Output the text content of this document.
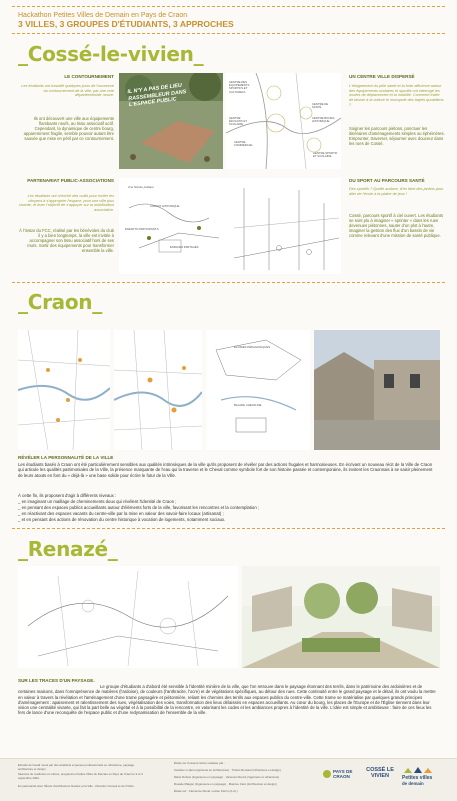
Hackathon Petites Villes de Demain en Pays de Craon
3 VILLES, 3 GROUPES D'ÉTUDIANTS, 3 APPROCHES
_Cossé-le-vivien_
LE CONTOURNEMENT
Les étudiants ont travaillé quelques jours de l'ouverture du contournement de la ville, par une voie départementale neuve.
Ils ont découvert une ville aux équipements flambants neufs, au tissu associatif actif. Cependant, la dynamique de centre bourg, apparemment fragile, semble pouvoir autant être sauvée que mise en péril par ce contournement.
IL N'Y A PAS DE LIEU RASSEMBLEUR DANS L'ESPACE PUBLIC
CENTRE DES ÉQUIPEMENTS SPORTIFS ET CULTURELS
CENTRE ÉDUCATIF ET SCOLAIRE
CENTRE BOURG HISTORIQUE
CENTRE DE SANTÉ
CENTRE COMMERCIAL
CENTRE SPORTIF ET SCOLAIRE
UN CENTRE VILLE DISPERSÉ
L'éloignement du pôle santé et la forte affluence autour des équipements scolaires et sportifs ont interrogé les modes de déplacement et la mobilité. Comment éviter de laisser à la voiture le monopole des trajets quotidiens ?
Soigner les parcours piétons, ponctuer les itinéraires d'aménagements simples ou éphémères. Emprunter, traverser, séjourner avec douceur dans les rues de Cossé.
PARTENARIAT PUBLIC-ASSOCIATIONS
Les étudiants ont cherché des outils pour inviter les citoyens à s'approprier l'espace, pour une ville plus vivante, et avec l'objectif de s'appuyer sur la mobilisation associative.
À l'instar du FCC, réalisé par les bénévoles du club il y a bien longtemps, la ville est invitée à accompagner son tissu associatif hors de ses murs. Sortir des équipements pour transformer ensemble la ville.
Une histoire pudique
CIRCUIT HISTORIQUE
ENFANTS PARTICIPANTS
ESPACES PARTAGÉS
DU SPORT AU PARCOURS SANTÉ
Des sportifs ? Quelle audace, d'en faire des jardins pour aller de l'école à la plaine de jeux !
Cossé, parcours sportif à ciel ouvert. Les étudiants se sont plu à imaginer « sprinter » dans les rues devenues piétonnes, sauter d'un plot à l'autre, imaginer la gestion des flux d'un bassin de vie comme relevant d'une mission de santé publique.
_Craon_
ÉCURIES PÉDAGOGIQUES
BALADE CHEVALINE
RÉVÉLER LA PERSONNALITÉ DE LA VILLE
Les étudiants basés à Craon ont été particulièrement sensibles aux qualités intrinsèques de la ville qu'ils proposent de révéler par des actions frugales et harmonieuses. En écrivant un nouveau récit de la Ville de Craon qui articule les qualités patrimoniales de la Ville, la présence marquante de l'eau qui la traverse et le Cheval comme symbole fort de son histoire passée et contemporaine, ils invitent les Craonnais à se saisir pleinement de leurs atouts en font du « déjà-là » une base solide pour écrire le futur de la Ville.
À cette fin, ils proposent d'agir à différents niveaux :
_ en imaginant un maillage de cheminements doux qui révèlent l'identité de Craon ;
_ en pensant des espaces publics accueillants autour d'éléments forts de la ville, favorisant les rencontres et la contemplation ;
_ en réactivant des espaces vacants du centre-ville par la mise en valeur des savoir-faire locaux (artisanat) ;
_ et en pensant des actions de rénovation du centre historique à vocation de logements, notamment sociaux.
_Renazé_
SUR LES TRACES D'UN PAYSAGE.
Le groupe d'étudiants a d'abord été sensible à l'identité minière de la ville, que l'on retrouve dans le paysage étonnant des terrils, dans le patrimoine des ardoisières et de certaines maisons, dans l'omniprésence de matières (l'ardoise), de couleurs (l'anthracite, l'ocre) et de végétations spécifiques, au détour des rues. Cette continuité entre le grand paysage et le détail, ils ont voulu la mettre en valeur à travers la révélation et l'aménagement d'une trame paysagère et piétonnière, reliant les chemins des terrils aux espaces publics du centre-ville. Cette trame se matérialise par quelques grands principes d'aménagement : apaisement et ralentissement des rues, végétalisation des voies, transformation des lieux délaissés en espaces accueillants. Au cœur du bourg, les places de l'Europe et de l'Église tiennent dans leur vision une centralité vivante, qui fait la part belle au végétal et à la possibilité de la rencontre, en valorisant les codes et les ambiances propres à l'identité de la ville. L'idée est simple et ambitieuse : faire de ces lieux les fers de lance d'une reconquête de l'espace public et d'une redynamisation de l'ensemble de la ville.
Extraits du travail mené par des étudiants et jeunes professionnels en urbanisme, paysage, architecture et design.
Séances de restitution et culture, programme Petites Villes de Demain en Pays de Craon le 3 et 4 septembre 2022.
En partenariat avec l'École d'architecture Nantes et la Ville - Direction Conseil et de l'Ordre.
Étude sur Cossé-le-Vivien réalisée par :
Caroline Li (Eco-ingénierie en Architecture) · Tristan Roussel (Urbanisme et design)
Marie Dubois (Ingénieure en paysage) · Vanessa Durant (Ingénierie et urbanisme)
Rosalie Maigret (Ingénieure en paysage) · Maxime Caré (Architecture et design)
Étude sur : Clémence Duval, Lucien Perrin (A.Ar.)
PAYS DE CRAON
COSSÉ LE VIVIEN	Petites villes
de demain
